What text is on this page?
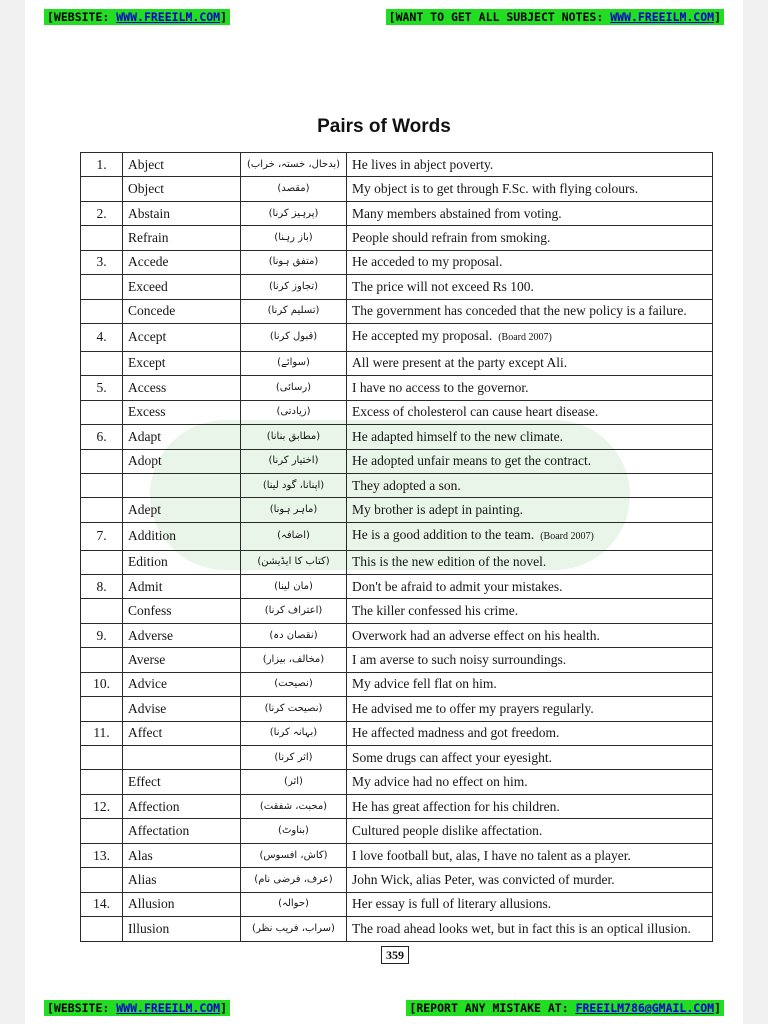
[WEBSITE: WWW.FREEILM.COM]	[WANT TO GET ALL SUBJECT NOTES: WWW.FREEILM.COM]
Pairs of Words
1.	Abject	(بدحال، خستہ، خراب)	He lives in abject poverty.
	Object	(مقصد)	My object is to get through F.Sc. with flying colours.
2.	Abstain	(پرہیز کرنا)	Many members abstained from voting.
	Refrain	(باز رہنا)	People should refrain from smoking.
3.	Accede	(متفق ہونا)	He acceded to my proposal.
	Exceed	(تجاوز کرنا)	The price will not exceed Rs 100.
	Concede	(تسلیم کرنا)	The government has conceded that the new policy is a failure.
4.	Accept	(قبول کرنا)	He accepted my proposal. (Board 2007)
	Except	(سوائے)	All were present at the party except Ali.
5.	Access	(رسائی)	I have no access to the governor.
	Excess	(زیادتی)	Excess of cholesterol can cause heart disease.
6.	Adapt	(مطابق بنانا)	He adapted himself to the new climate.
	Adopt	(اختیار کرنا)	He adopted unfair means to get the contract.
		(اپنانا، گود لینا)	They adopted a son.
	Adept	(ماہر ہونا)	My brother is adept in painting.
7.	Addition	(اضافہ)	He is a good addition to the team. (Board 2007)
	Edition	(کتاب کا ایڈیشن)	This is the new edition of the novel.
8.	Admit	(مان لینا)	Don't be afraid to admit your mistakes.
	Confess	(اعتراف کرنا)	The killer confessed his crime.
9.	Adverse	(نقصان دہ)	Overwork had an adverse effect on his health.
	Averse	(مخالف، بیزار)	I am averse to such noisy surroundings.
10.	Advice	(نصیحت)	My advice fell flat on him.
	Advise	(نصیحت کرنا)	He advised me to offer my prayers regularly.
11.	Affect	(بہانہ کرنا)	He affected madness and got freedom.
		(اثر کرنا)	Some drugs can affect your eyesight.
	Effect	(اثر)	My advice had no effect on him.
12.	Affection	(محبت، شفقت)	He has great affection for his children.
	Affectation	(بناوٹ)	Cultured people dislike affectation.
13.	Alas	(کاش، افسوس)	I love football but, alas, I have no talent as a player.
	Alias	(عرف، فرضی نام)	John Wick, alias Peter, was convicted of murder.
14.	Allusion	(حوالہ)	Her essay is full of literary allusions.
	Illusion	(سراب، فریب نظر)	The road ahead looks wet, but in fact this is an optical illusion.
359
[WEBSITE: WWW.FREEILM.COM]	[REPORT ANY MISTAKE AT: FREEILM786@GMAIL.COM]
